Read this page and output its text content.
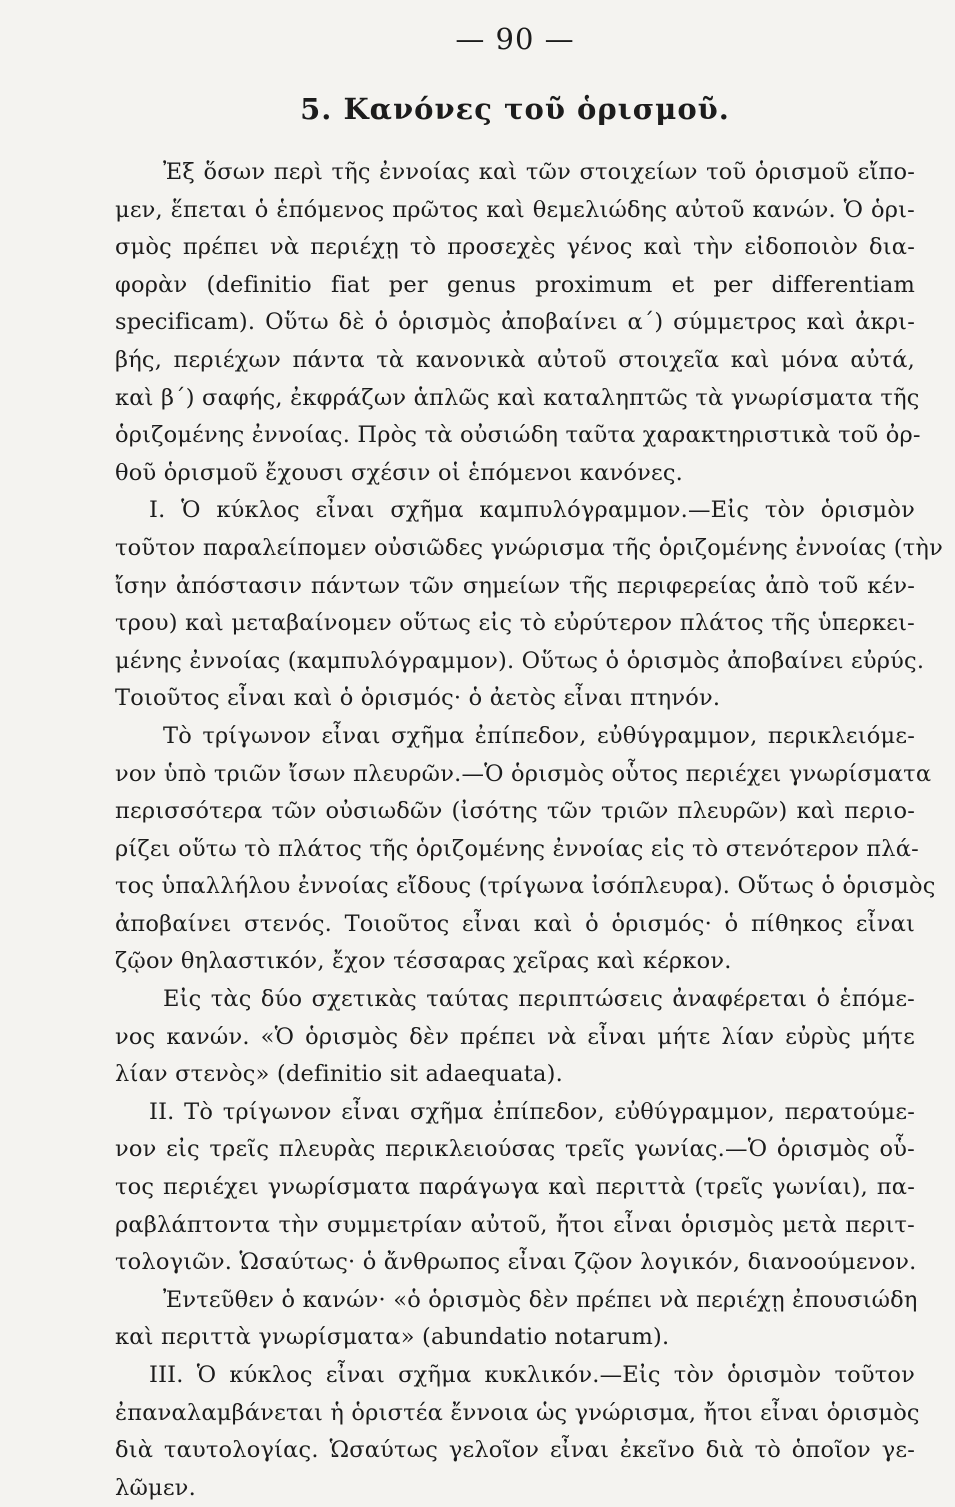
— 90 —
5. Κανόνες τοῦ ὁρισμοῦ.
Ἐξ ὅσων περὶ τῆς ἐννοίας καὶ τῶν στοιχείων τοῦ ὁρισμοῦ εἴπο-
μεν, ἕπεται ὁ ἑπόμενος πρῶτος καὶ θεμελιώδης αὐτοῦ κανών. Ὁ ὁρι-
σμὸς πρέπει νὰ περιέχῃ τὸ προσεχὲς γένος καὶ τὴν εἰδοποιὸν δια-
φορὰν (definitio fiat per genus proximum et per differentiam
specificam). Οὕτω δὲ ὁ ὁρισμὸς ἀποβαίνει α΄) σύμμετρος καὶ ἀκρι-
βής, περιέχων πάντα τὰ κανονικὰ αὐτοῦ στοιχεῖα καὶ μόνα αὐτά,
καὶ β΄) σαφής, ἐκφράζων ἁπλῶς καὶ καταληπτῶς τὰ γνωρίσματα τῆς
ὁριζομένης ἐννοίας. Πρὸς τὰ οὐσιώδη ταῦτα χαρακτηριστικὰ τοῦ ὀρ-
θοῦ ὁρισμοῦ ἔχουσι σχέσιν οἱ ἑπόμενοι κανόνες.
I. Ὁ κύκλος εἶναι σχῆμα καμπυλόγραμμον.—Εἰς τὸν ὁρισμὸν
τοῦτον παραλείπομεν οὐσιῶδες γνώρισμα τῆς ὁριζομένης ἐννοίας (τὴν
ἴσην ἀπόστασιν πάντων τῶν σημείων τῆς περιφερείας ἀπὸ τοῦ κέν-
τρου) καὶ μεταβαίνομεν οὕτως εἰς τὸ εὐρύτερον πλάτος τῆς ὑπερκει-
μένης ἐννοίας (καμπυλόγραμμον). Οὕτως ὁ ὁρισμὸς ἀποβαίνει εὐρύς.
Τοιοῦτος εἶναι καὶ ὁ ὁρισμός· ὁ ἀετὸς εἶναι πτηνόν.
Τὸ τρίγωνον εἶναι σχῆμα ἐπίπεδον, εὐθύγραμμον, περικλειόμε-
νον ὑπὸ τριῶν ἴσων πλευρῶν.—Ὁ ὁρισμὸς οὗτος περιέχει γνωρίσματα
περισσότερα τῶν οὐσιωδῶν (ἰσότης τῶν τριῶν πλευρῶν) καὶ περιο-
ρίζει οὕτω τὸ πλάτος τῆς ὁριζομένης ἐννοίας εἰς τὸ στενότερον πλά-
τος ὑπαλλήλου ἐννοίας εἴδους (τρίγωνα ἰσόπλευρα). Οὕτως ὁ ὁρισμὸς
ἀποβαίνει στενός. Τοιοῦτος εἶναι καὶ ὁ ὁρισμός· ὁ πίθηκος εἶναι
ζῷον θηλαστικόν, ἔχον τέσσαρας χεῖρας καὶ κέρκον.
Εἰς τὰς δύο σχετικὰς ταύτας περιπτώσεις ἀναφέρεται ὁ ἑπόμε-
νος κανών. «Ὁ ὁρισμὸς δὲν πρέπει νὰ εἶναι μήτε λίαν εὐρὺς μήτε
λίαν στενὸς» (definitio sit adaequata).
II. Τὸ τρίγωνον εἶναι σχῆμα ἐπίπεδον, εὐθύγραμμον, περατούμε-
νον εἰς τρεῖς πλευρὰς περικλειούσας τρεῖς γωνίας.—Ὁ ὁρισμὸς οὗ-
τος περιέχει γνωρίσματα παράγωγα καὶ περιττὰ (τρεῖς γωνίαι), πα-
ραβλάπτοντα τὴν συμμετρίαν αὐτοῦ, ἤτοι εἶναι ὁρισμὸς μετὰ περιτ-
τολογιῶν. Ὡσαύτως· ὁ ἄνθρωπος εἶναι ζῷον λογικόν, διανοούμενον.
Ἐντεῦθεν ὁ κανών· «ὁ ὁρισμὸς δὲν πρέπει νὰ περιέχῃ ἐπουσιώδη
καὶ περιττὰ γνωρίσματα» (abundatio notarum).
III. Ὁ κύκλος εἶναι σχῆμα κυκλικόν.—Εἰς τὸν ὁρισμὸν τοῦτον
ἐπαναλαμβάνεται ἡ ὁριστέα ἔννοια ὡς γνώρισμα, ἤτοι εἶναι ὁρισμὸς
διὰ ταυτολογίας. Ὡσαύτως γελοῖον εἶναι ἐκεῖνο διὰ τὸ ὁποῖον γε-
λῶμεν.
